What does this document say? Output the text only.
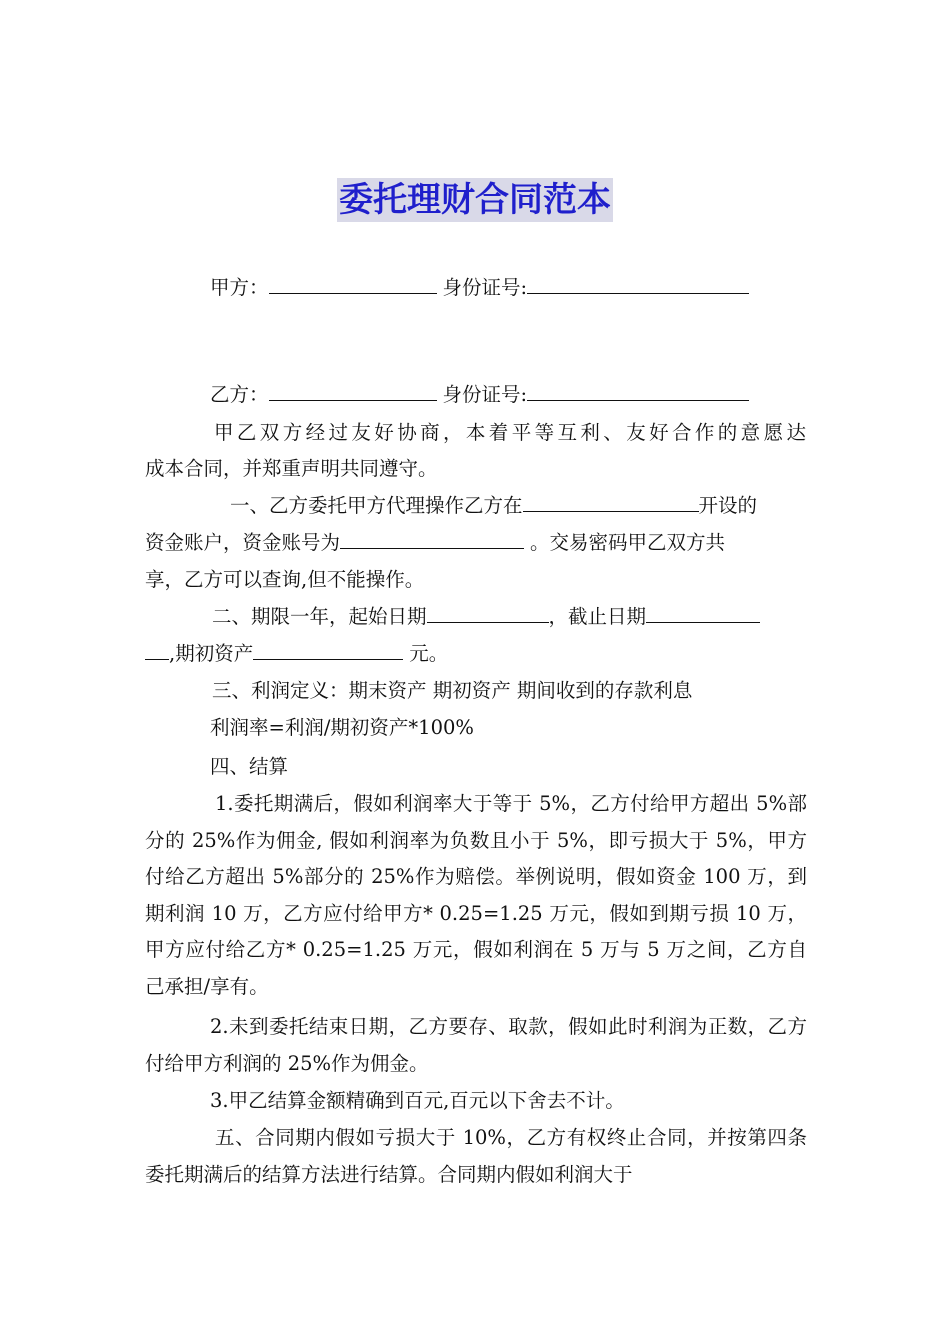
委托理财合同范本
甲方：	身份证号:
乙方：	身份证号:
甲乙双方经过友好协商，本着平等互利、友好合作的意愿达
成本合同，并郑重声明共同遵守。
一、乙方委托甲方代理操作乙方在	开设的
资金账户，资金账号为	。交易密码甲乙双方共
享，乙方可以查询,但不能操作。
二、期限一年，起始日期	，截止日期
,期初资产	元。
三、利润定义：期末资产 期初资产 期间收到的存款利息
利润率=利润/期初资产*100%
四、结算
1.委托期满后，假如利润率大于等于 5%，乙方付给甲方超出 5%部分的 25%作为佣金, 假如利润率为负数且小于 5%，即亏损大于 5%，甲方付给乙方超出 5%部分的 25%作为赔偿。举例说明，假如资金 100 万，到期利润 10 万，乙方应付给甲方* 0.25=1.25 万元，假如到期亏损 10 万，甲方应付给乙方* 0.25=1.25 万元，假如利润在 5 万与 5 万之间，乙方自己承担/享有。
2.未到委托结束日期，乙方要存、取款，假如此时利润为正数，乙方付给甲方利润的 25%作为佣金。
3.甲乙结算金额精确到百元,百元以下舍去不计。
五、合同期内假如亏损大于 10%，乙方有权终止合同，并按第四条委托期满后的结算方法进行结算。合同期内假如利润大于
